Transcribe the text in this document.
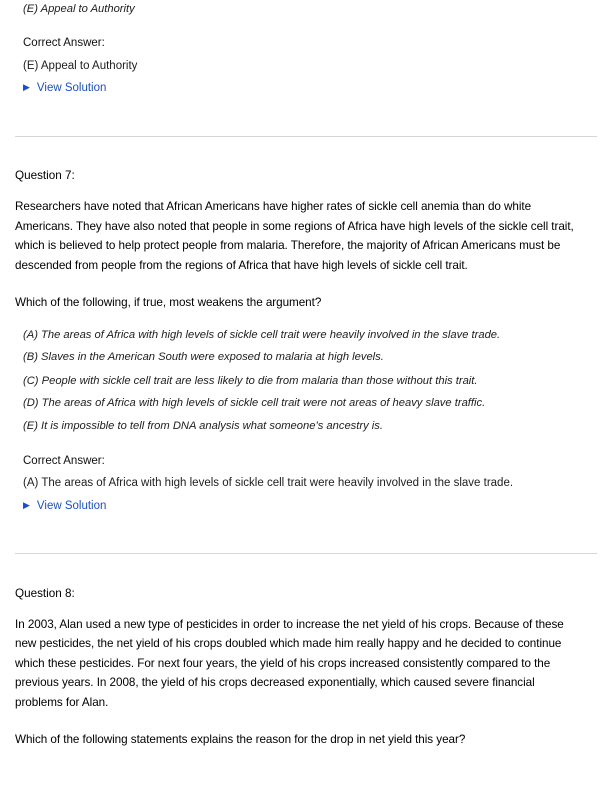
(E) Appeal to Authority
Correct Answer:
(E) Appeal to Authority
▶ View Solution
Question 7:
Researchers have noted that African Americans have higher rates of sickle cell anemia than do white
Americans. They have also noted that people in some regions of Africa have high levels of the sickle cell trait,
which is believed to help protect people from malaria. Therefore, the majority of African Americans must be
descended from people from the regions of Africa that have high levels of sickle cell trait.
Which of the following, if true, most weakens the argument?
(A) The areas of Africa with high levels of sickle cell trait were heavily involved in the slave trade.
(B) Slaves in the American South were exposed to malaria at high levels.
(C) People with sickle cell trait are less likely to die from malaria than those without this trait.
(D) The areas of Africa with high levels of sickle cell trait were not areas of heavy slave traffic.
(E) It is impossible to tell from DNA analysis what someone’s ancestry is.
Correct Answer:
(A) The areas of Africa with high levels of sickle cell trait were heavily involved in the slave trade.
▶ View Solution
Question 8:
In 2003, Alan used a new type of pesticides in order to increase the net yield of his crops. Because of these
new pesticides, the net yield of his crops doubled which made him really happy and he decided to continue
which these pesticides. For next four years, the yield of his crops increased consistently compared to the
previous years. In 2008, the yield of his crops decreased exponentially, which caused severe financial
problems for Alan.
Which of the following statements explains the reason for the drop in net yield this year?
